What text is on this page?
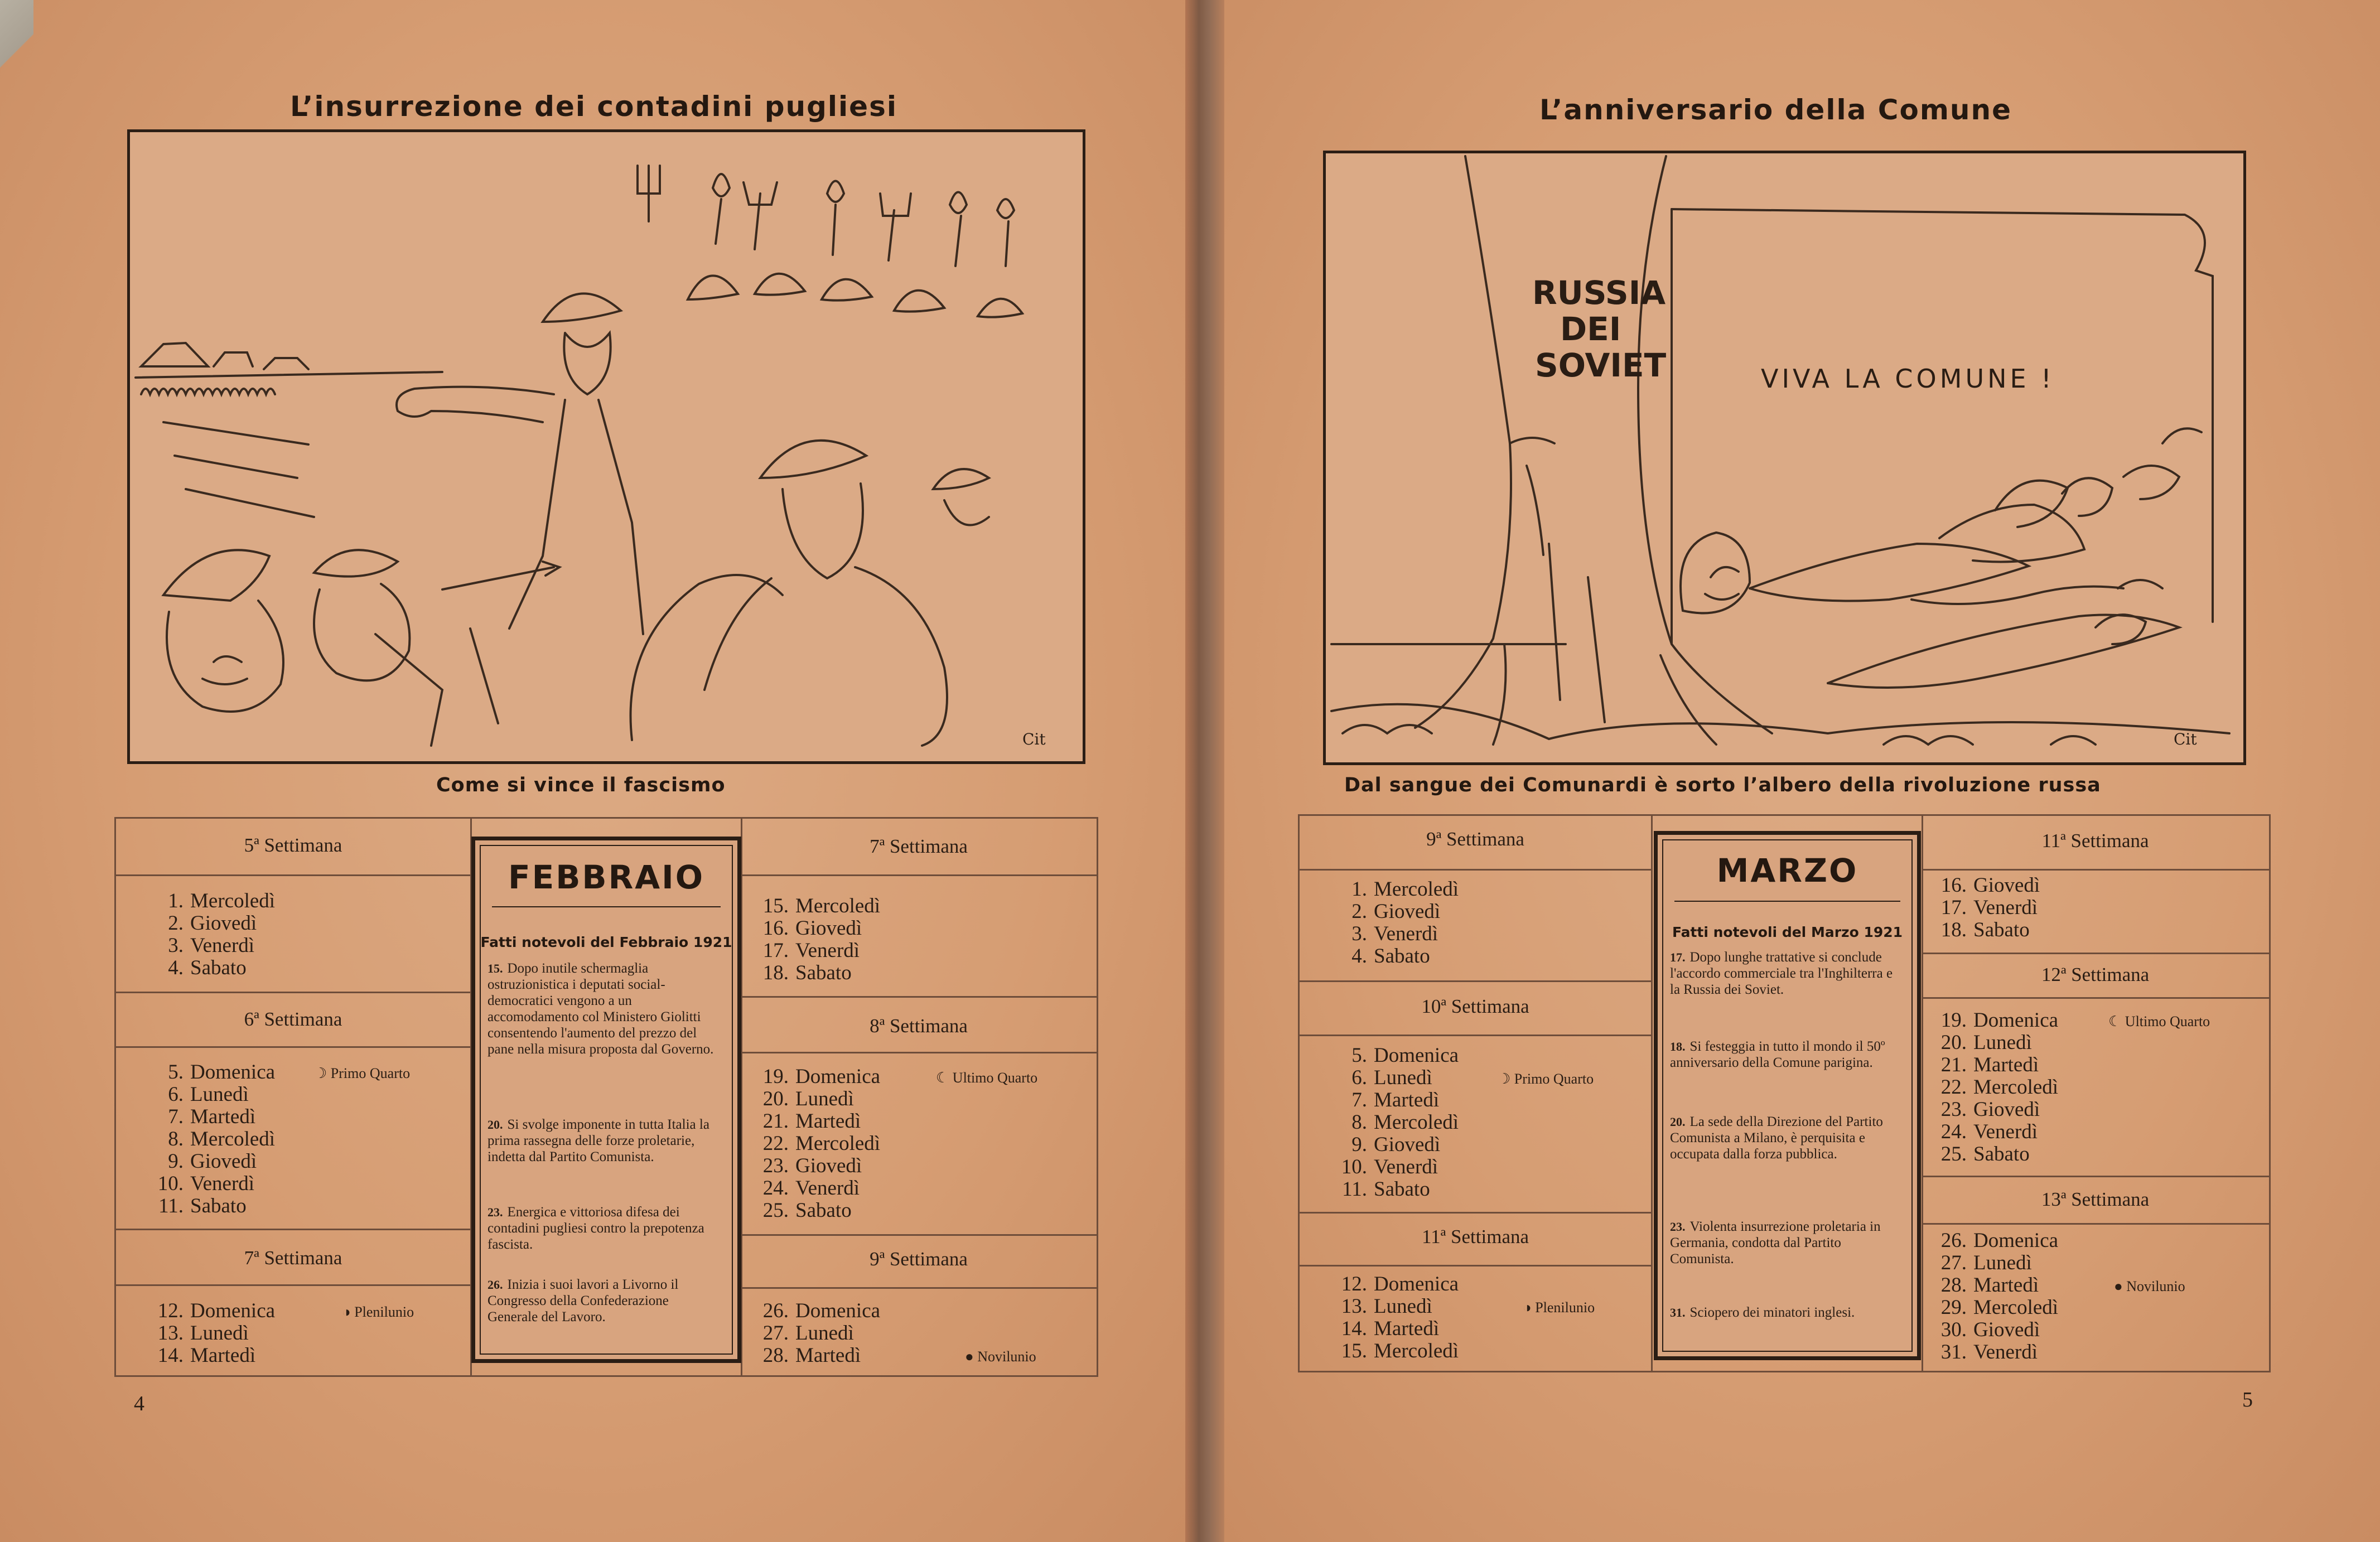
L’insurrezione dei contadini pugliesi
Cit
Come si vince il fascismo
5ª Settimana
1. Mercoledì
2. Giovedì
3. Venerdì
4. Sabato
6ª Settimana
5. Domenica	☽ Primo Quarto
6. Lunedì
7. Martedì
8. Mercoledì
9. Giovedì
10. Venerdì
11. Sabato
7ª Settimana
12. Domenica	◑ Plenilunio
13. Lunedì
14. Martedì
7ª Settimana
15. Mercoledì
16. Giovedì
17. Venerdì
18. Sabato
8ª Settimana
19. Domenica	☾ Ultimo Quarto
20. Lunedì
21. Martedì
22. Mercoledì
23. Giovedì
24. Venerdì
25. Sabato
9ª Settimana
26. Domenica
27. Lunedì
28. Martedì	● Novilunio
FEBBRAIO
Fatti notevoli del Febbraio 1921
15. Dopo inutile schermaglia ostruzionistica i deputati social-democratici vengono a un accomodamento col Ministero Giolitti consentendo l'aumento del prezzo del pane nella misura proposta dal Governo.
20. Si svolge imponente in tutta Italia la prima rassegna delle forze proletarie, indetta dal Partito Comunista.
23. Energica e vittoriosa difesa dei contadini pugliesi contro la prepotenza fascista.
26. Inizia i suoi lavori a Livorno il Congresso della Confederazione Generale del Lavoro.
4
L’anniversario della Comune
RUSSIA
DEI
SOVIET	VIVA LA COMUNE !
Cit
Dal sangue dei Comunardi è sorto l’albero della rivoluzione russa
9ª Settimana
1. Mercoledì
2. Giovedì
3. Venerdì
4. Sabato
10ª Settimana
5. Domenica
6. Lunedì	☽ Primo Quarto
7. Martedì
8. Mercoledì
9. Giovedì
10. Venerdì
11. Sabato
11ª Settimana
12. Domenica
13. Lunedì	◑ Plenilunio
14. Martedì
15. Mercoledì
11ª Settimana
16. Giovedì
17. Venerdì
18. Sabato
12ª Settimana
19. Domenica	☾ Ultimo Quarto
20. Lunedì
21. Martedì
22. Mercoledì
23. Giovedì
24. Venerdì
25. Sabato
13ª Settimana
26. Domenica
27. Lunedì
28. Martedì	● Novilunio
29. Mercoledì
30. Giovedì
31. Venerdì
MARZO
Fatti notevoli del Marzo 1921
17. Dopo lunghe trattative si conclude l'accordo commerciale tra l'Inghilterra e la Russia dei Soviet.
18. Si festeggia in tutto il mondo il 50º anniversario della Comune parigina.
20. La sede della Direzione del Partito Comunista a Milano, è perquisita e occupata dalla forza pubblica.
23. Violenta insurrezione proletaria in Germania, condotta dal Partito Comunista.
31. Sciopero dei minatori inglesi.
5
